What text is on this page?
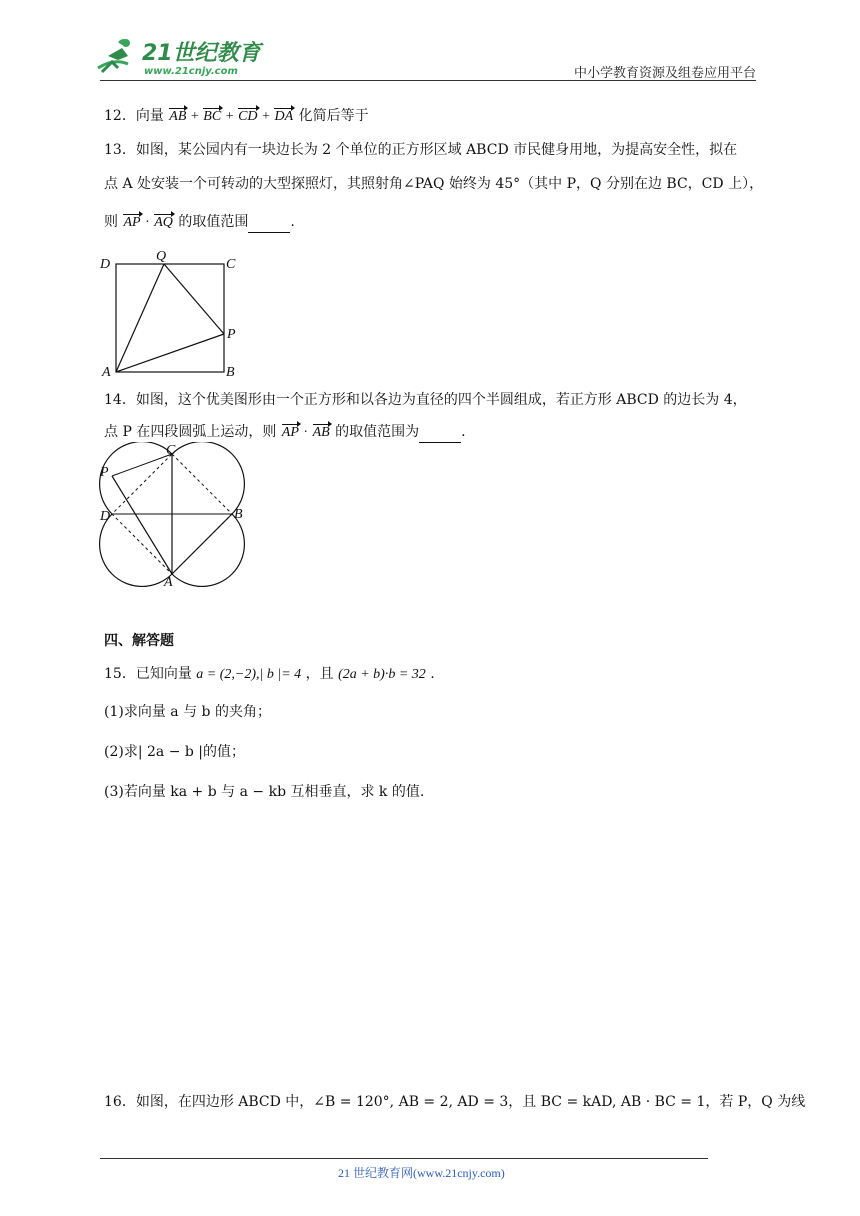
21世纪教育
www.21cnjy.com	中小学教育资源及组卷应用平台
12．向量 AB + BC + CD + DA 化简后等于
13．如图，某公园内有一块边长为 2 个单位的正方形区域 ABCD 市民健身用地，为提高安全性，拟在
点 A 处安装一个可转动的大型探照灯，其照射角∠PAQ 始终为 45°（其中 P，Q 分别在边 BC，CD 上），
则 AP · AQ 的取值范围	.
D
Q
C
P
A	B
14．如图，这个优美图形由一个正方形和以各边为直径的四个半圆组成，若正方形 ABCD 的边长为 4，
点 P 在四段圆弧上运动，则 AP · AB 的取值范围为	.
P
C
D	B
A
四、解答题
15．已知向量 a = (2,−2),| b |= 4 ，且 (2a + b)·b = 32 .
(1)求向量 a 与 b 的夹角；
(2)求| 2a − b |的值；
(3)若向量 ka + b 与 a − kb 互相垂直，求 k 的值.
16．如图，在四边形 ABCD 中，∠B = 120°, AB = 2, AD = 3，且 BC = kAD, AB · BC = 1，若 P，Q 为线
21 世纪教育网(www.21cnjy.com)
